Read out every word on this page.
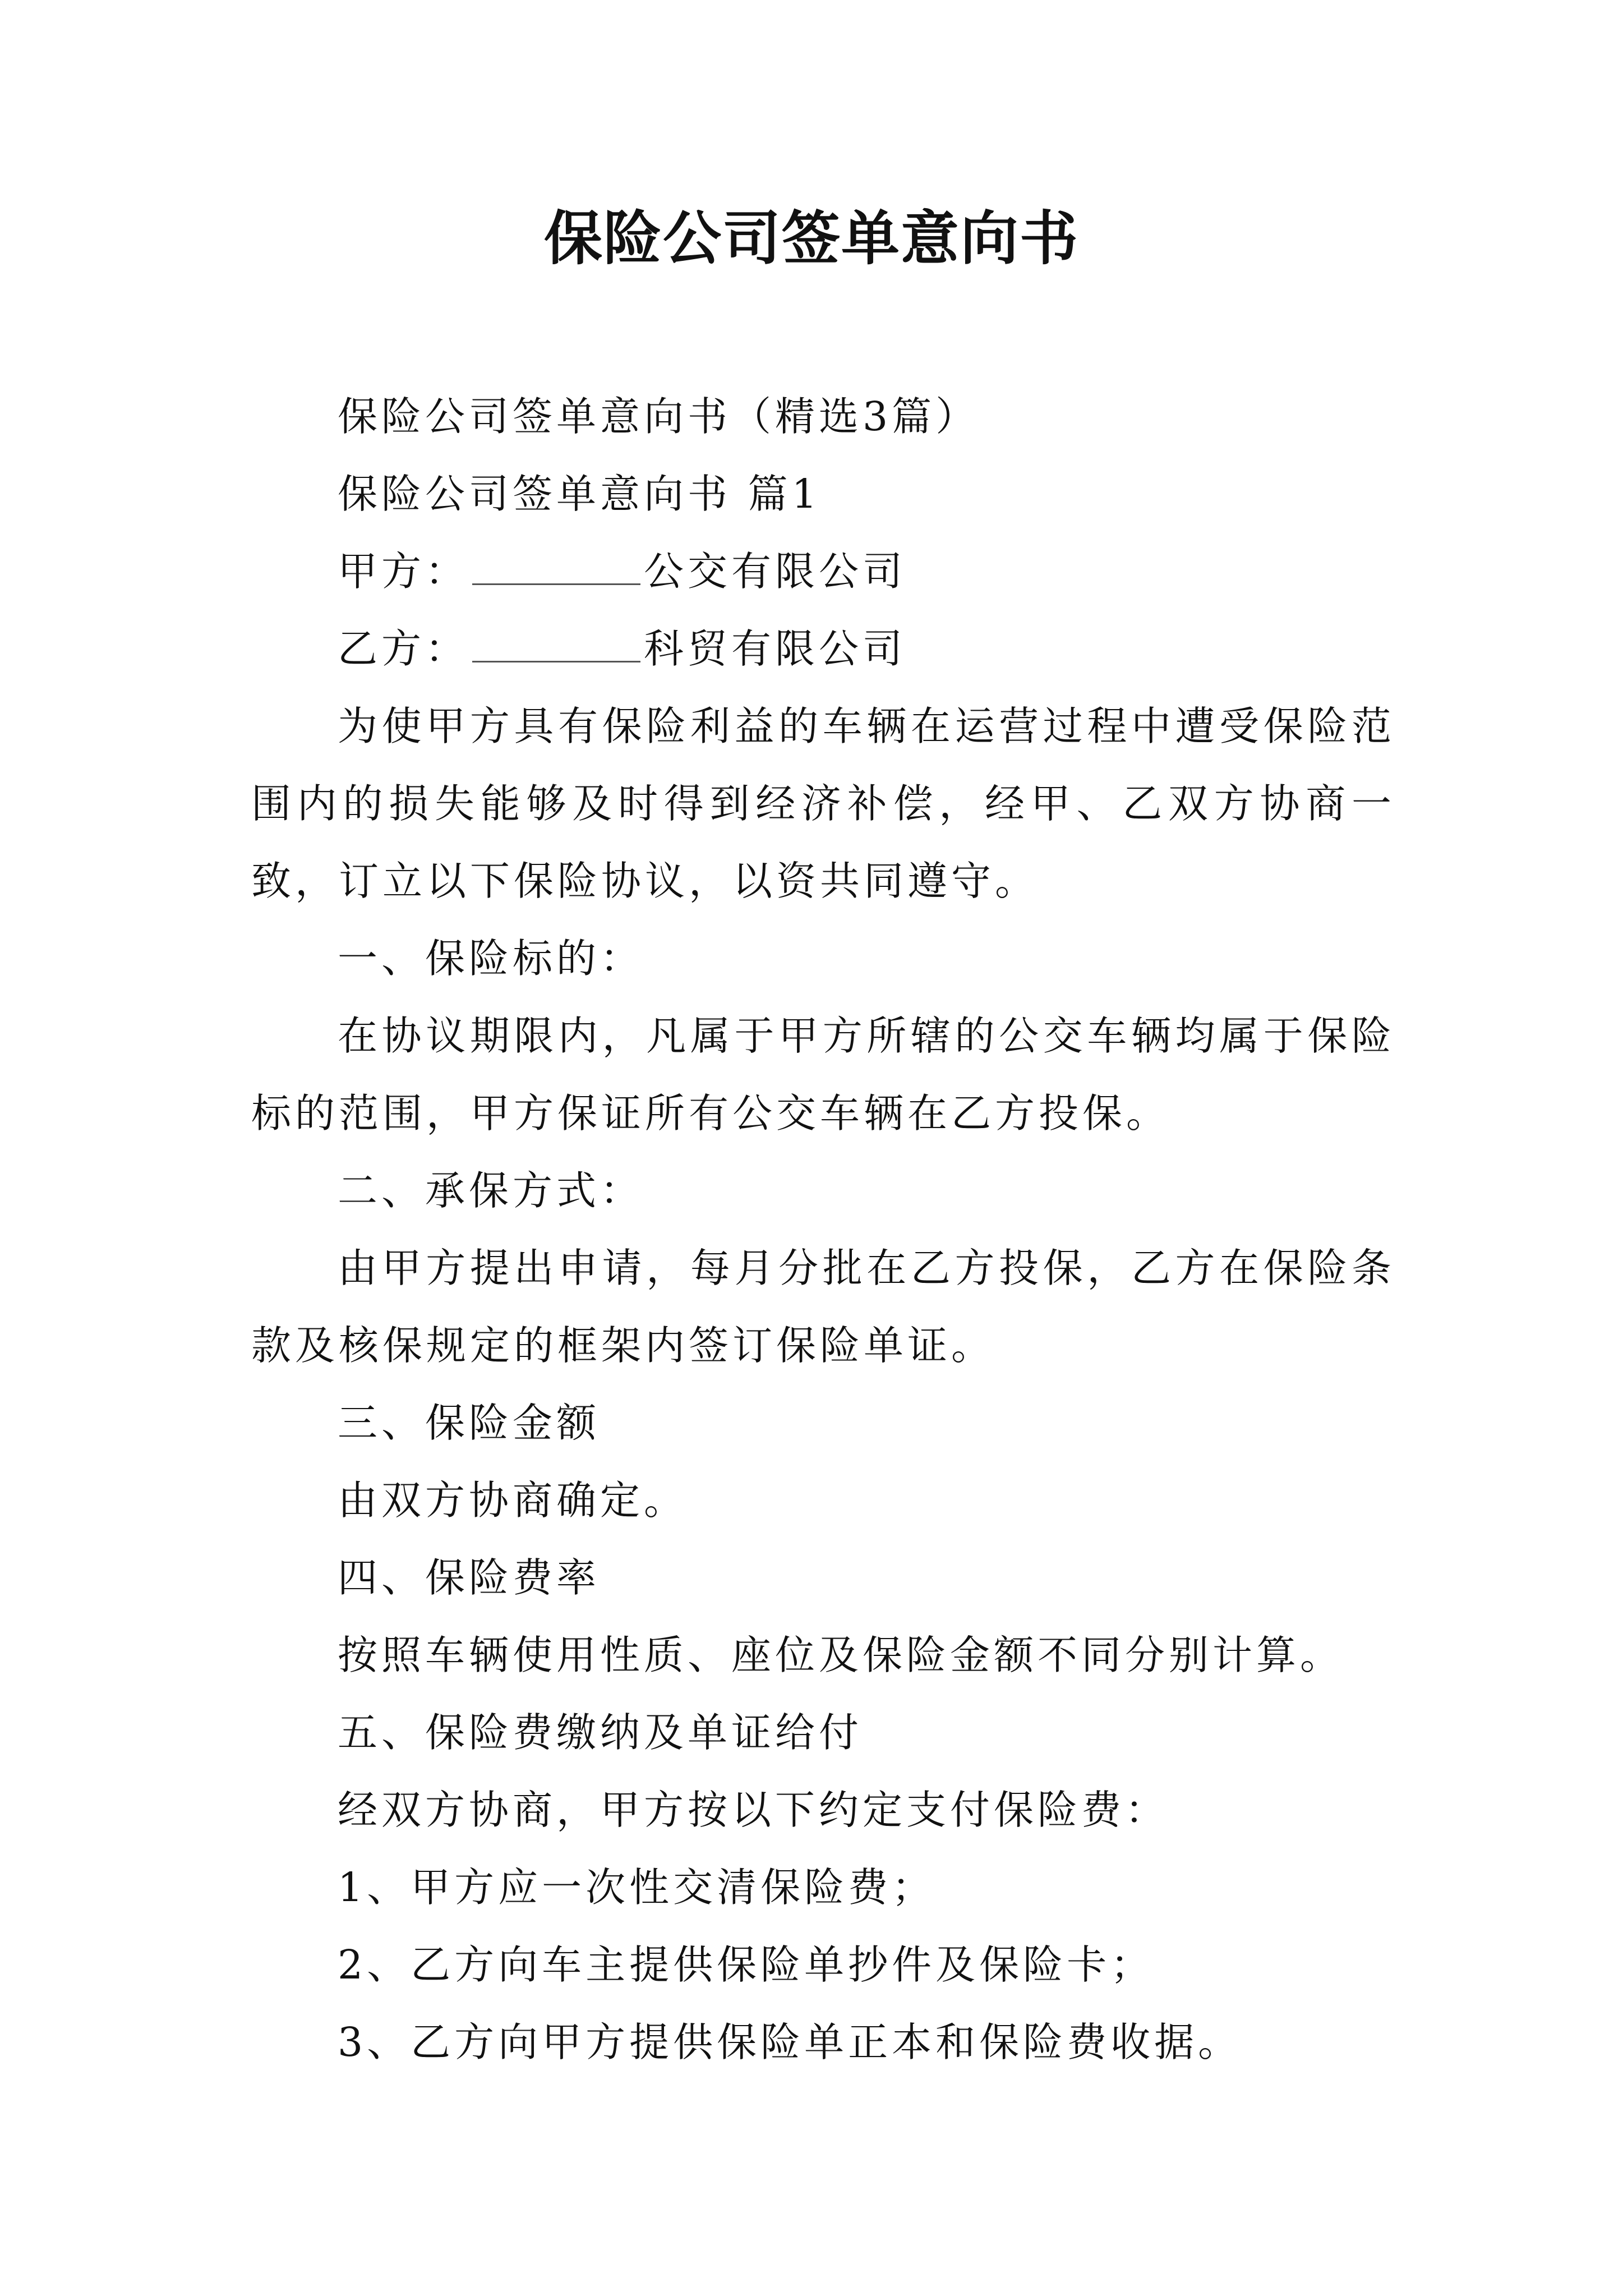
保险公司签单意向书

保险公司签单意向书（精选3篇）

保险公司签单意向书 篇1

甲方：	公交有限公司

乙方：	科贸有限公司

为使甲方具有保险利益的车辆在运营过程中遭受保险范围内的损失能够及时得到经济补偿，经甲、乙双方协商一致，订立以下保险协议，以资共同遵守。

一、保险标的：

在协议期限内，凡属于甲方所辖的公交车辆均属于保险标的范围，甲方保证所有公交车辆在乙方投保。

二、承保方式：

由甲方提出申请，每月分批在乙方投保，乙方在保险条款及核保规定的框架内签订保险单证。

三、保险金额

由双方协商确定。

四、保险费率

按照车辆使用性质、座位及保险金额不同分别计算。

五、保险费缴纳及单证给付

经双方协商，甲方按以下约定支付保险费：

1、甲方应一次性交清保险费；

2、乙方向车主提供保险单抄件及保险卡；

3、乙方向甲方提供保险单正本和保险费收据。
